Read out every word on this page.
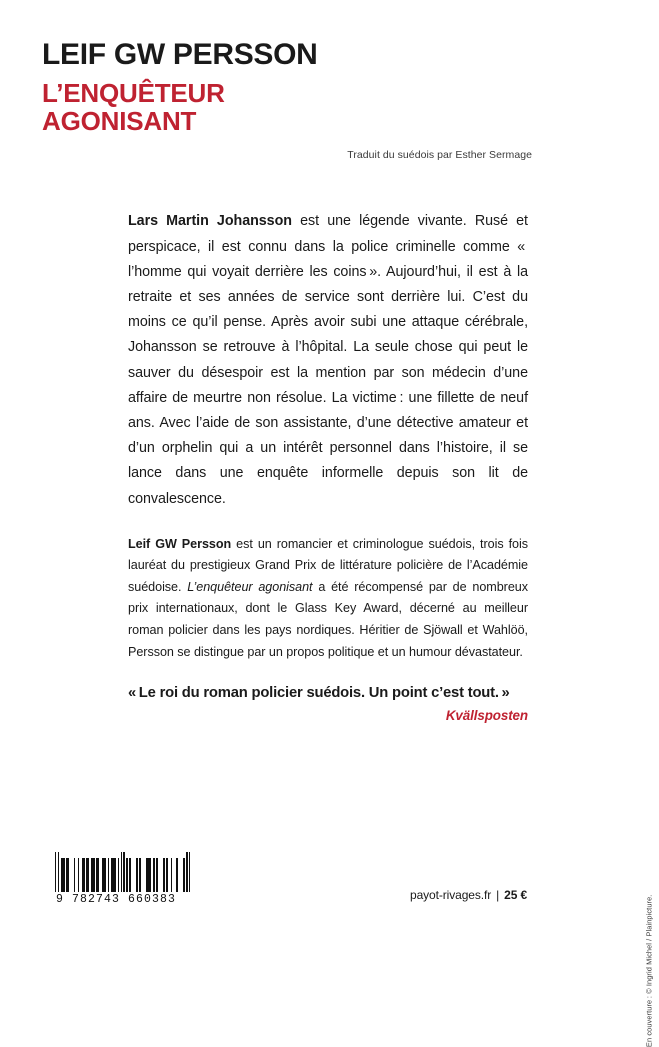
LEIF GW PERSSON
L’ENQUÊTEUR
AGONISANT
Traduit du suédois par Esther Sermage

Lars Martin Johansson est une légende vivante. Rusé et perspicace, il est connu dans la police criminelle comme « l’homme qui voyait derrière les coins ». Aujourd’hui, il est à la retraite et ses années de service sont derrière lui. C’est du moins ce qu’il pense. Après avoir subi une attaque cérébrale, Johansson se retrouve à l’hôpital. La seule chose qui peut le sauver du désespoir est la mention par son médecin d’une affaire de meurtre non résolue. La victime : une fillette de neuf ans. Avec l’aide de son assistante, d’une détective amateur et d’un orphelin qui a un intérêt personnel dans l’histoire, il se lance dans une enquête informelle depuis son lit de convalescence.

Leif GW Persson est un romancier et criminologue suédois, trois fois lauréat du prestigieux Grand Prix de littérature policière de l’Académie suédoise. L’enquêteur agonisant a été récompensé par de nombreux prix internationaux, dont le Glass Key Award, décerné au meilleur roman policier dans les pays nordiques. Héritier de Sjöwall et Wahlöö, Persson se distingue par un propos politique et un humour dévastateur.

« Le roi du roman policier suédois. Un point c’est tout. »
Kvällsposten
En couverture : © Ingrid Michel / Plainpicture.
9 782743 660383	payot-rivages.fr | 25 €
